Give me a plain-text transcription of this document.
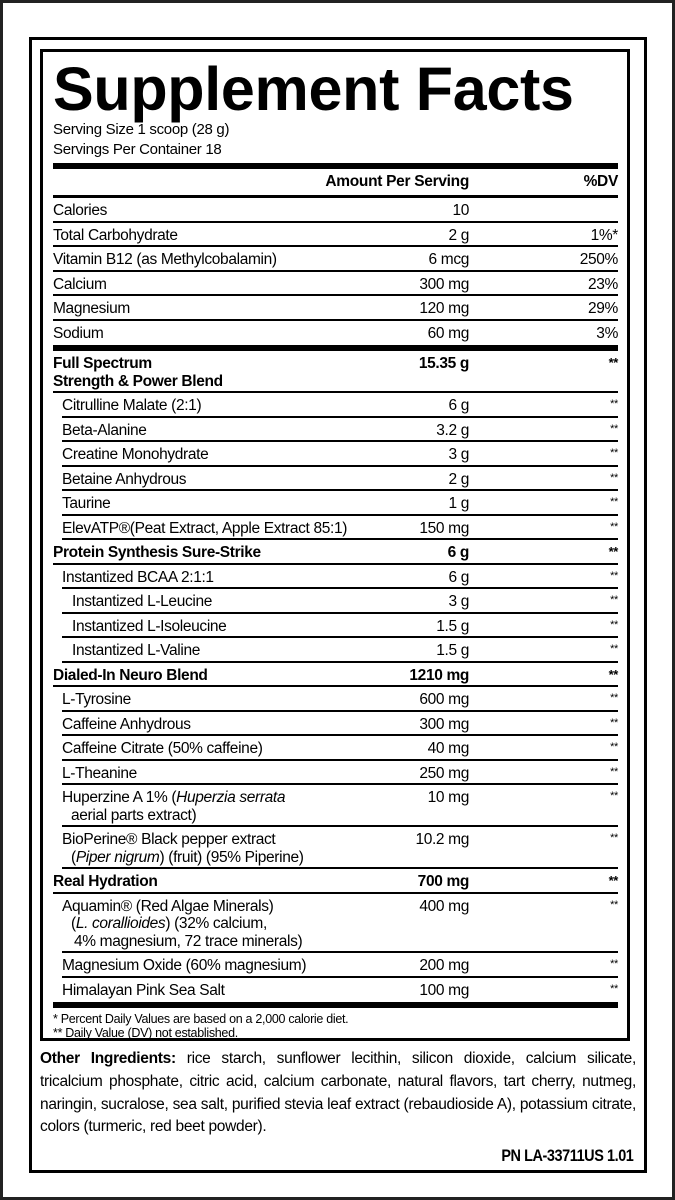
Supplement Facts
Serving Size 1 scoop (28 g)
Servings Per Container 18
Amount Per Serving	%DV
Calories	10
Total Carbohydrate	2 g	1%*
Vitamin B12 (as Methylcobalamin)	6 mcg	250%
Calcium	300 mg	23%
Magnesium	120 mg	29%
Sodium	60 mg	3%
Full Spectrum
Strength & Power Blend
15.35 g	**
Citrulline Malate (2:1)	6 g	**
Beta-Alanine	3.2 g	**
Creatine Monohydrate	3 g	**
Betaine Anhydrous	2 g	**
Taurine	1 g	**
ElevATP®(Peat Extract, Apple Extract 85:1)	150 mg	**
Protein Synthesis Sure-Strike	6 g	**
Instantized BCAA 2:1:1	6 g	**
Instantized L-Leucine	3 g	**
Instantized L-Isoleucine	1.5 g	**
Instantized L-Valine	1.5 g	**
Dialed-In Neuro Blend	1210 mg	**
L-Tyrosine	600 mg	**
Caffeine Anhydrous	300 mg	**
Caffeine Citrate (50% caffeine)	40 mg	**
L-Theanine	250 mg	**
Huperzine A 1% (Huperzia serrata
aerial parts extract)
10 mg	**
BioPerine® Black pepper extract
(Piper nigrum) (fruit) (95% Piperine)
10.2 mg	**
Real Hydration	700 mg	**
Aquamin® (Red Algae Minerals)
(L. corallioides) (32% calcium,
4% magnesium, 72 trace minerals)
400 mg	**
Magnesium Oxide (60% magnesium)	200 mg	**
Himalayan Pink Sea Salt	100 mg	**
* Percent Daily Values are based on a 2,000 calorie diet.
** Daily Value (DV) not established.
Other Ingredients: rice starch, sunflower lecithin, silicon dioxide, calcium silicate, tricalcium phosphate, citric acid, calcium carbonate, natural flavors, tart cherry, nutmeg, naringin, sucralose, sea salt, purified stevia leaf extract (rebaudioside A), potassium citrate, colors (turmeric, red beet powder).
PN LA-33711US 1.01
